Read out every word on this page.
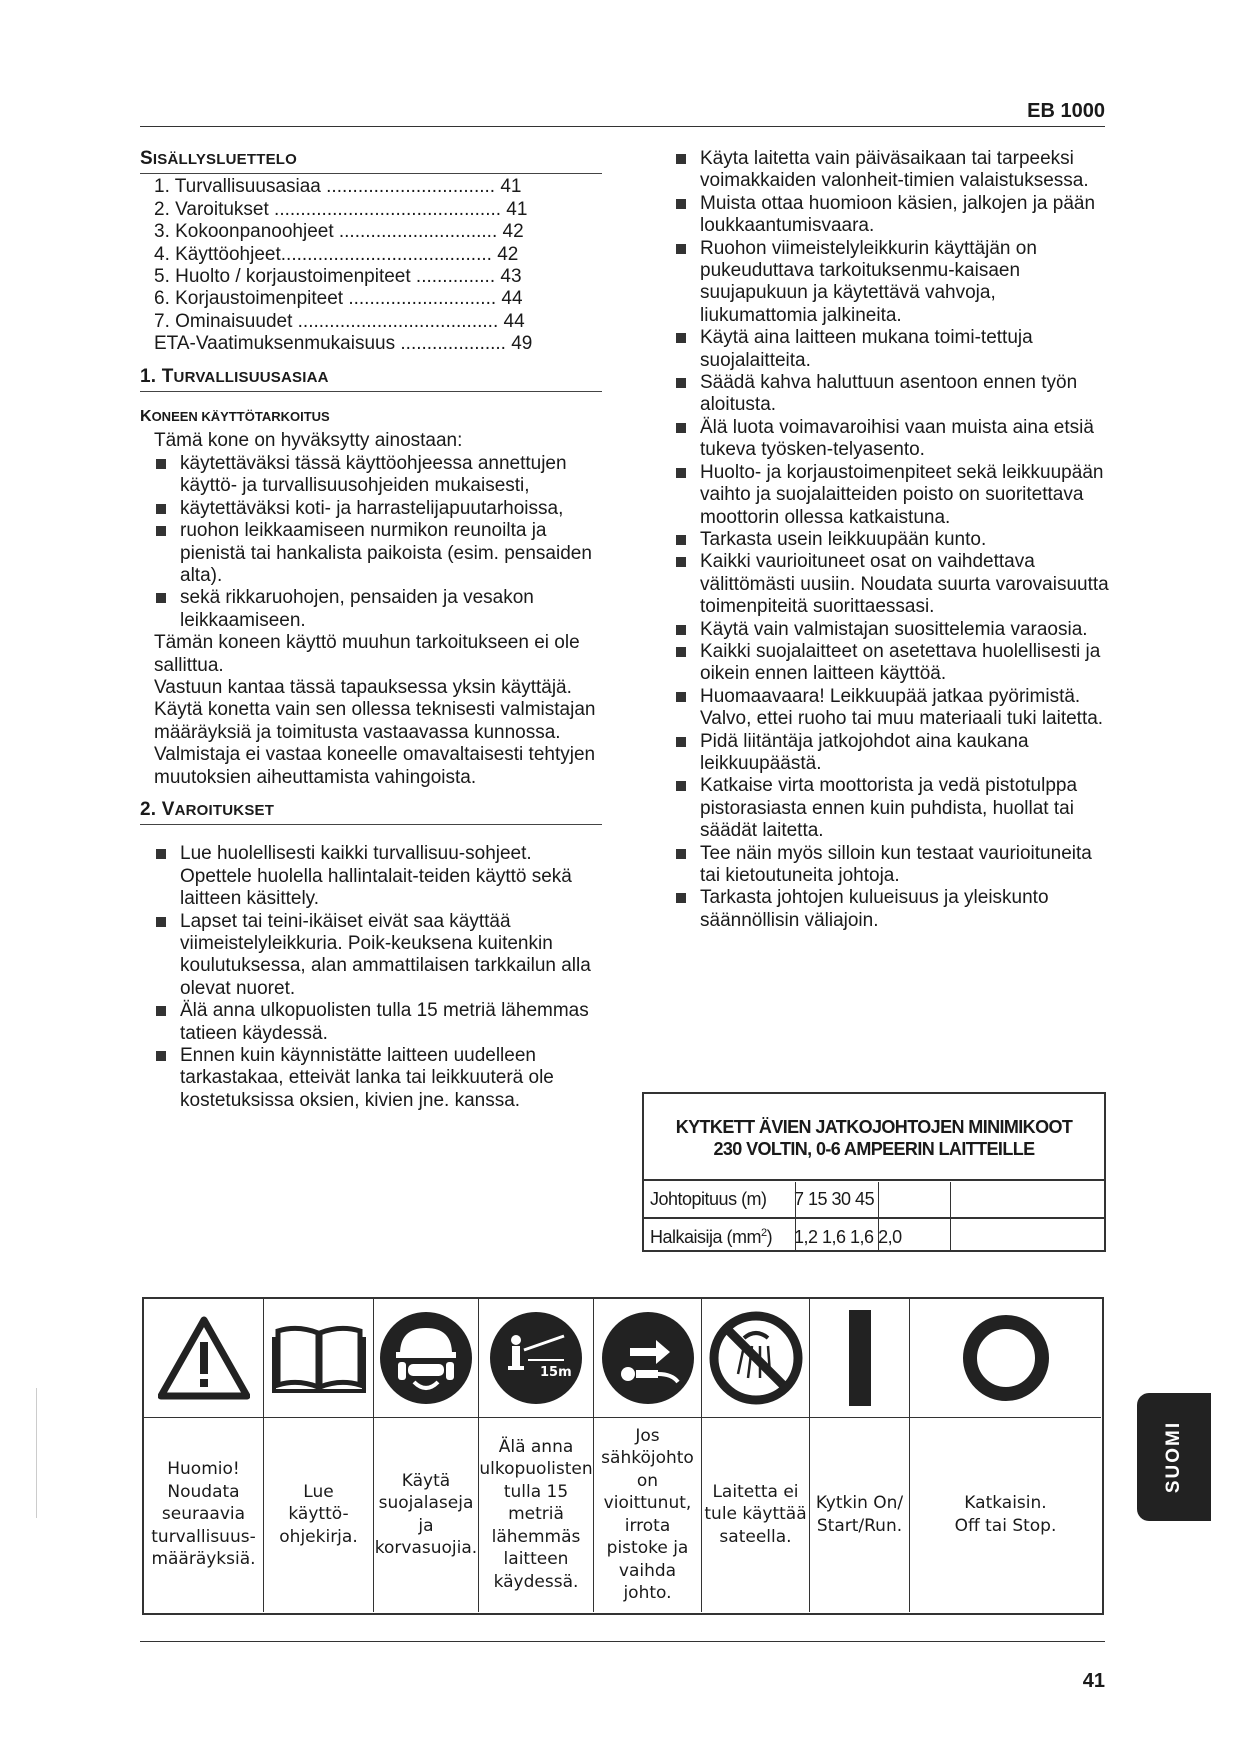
EB 1000
SISÄLLYSLUETTELO
1. Turvallisuusasiaa ................................ 41
2. Varoitukset ........................................... 41
3. Kokoonpanoohjeet .............................. 42
4. Käyttöohjeet........................................ 42
5. Huolto / korjaustoimenpiteet ............... 43
6. Korjaustoimenpiteet ............................ 44
7. Ominaisuudet ...................................... 44
ETA-Vaatimuksenmukaisuus .................... 49
1. TURVALLISUUSASIAA
KONEEN KÄYTTÖTARKOITUS
Tämä kone on hyväksytty ainostaan:
käytettäväksi tässä käyttöohjeessa annettujen käyttö- ja turvallisuusohjeiden mukaisesti,
käytettäväksi koti- ja harrastelijapuutarhoissa,
ruohon leikkaamiseen nurmikon reunoilta ja pienistä tai hankalista paikoista (esim. pensaiden alta).
sekä rikkaruohojen, pensaiden ja vesakon leikkaamiseen.
Tämän koneen käyttö muuhun tarkoitukseen ei ole sallittua.
Vastuun kantaa tässä tapauksessa yksin käyttäjä.
Käytä konetta vain sen ollessa teknisesti valmistajan määräyksiä ja toimitusta vastaavassa kunnossa.
Valmistaja ei vastaa koneelle omavaltaisesti tehtyjen muutoksien aiheuttamista vahingoista.
2. VAROITUKSET
Lue huolellisesti kaikki turvallisuu-sohjeet. Opettele huolella hallintalait-teiden käyttö sekä laitteen käsittely.
Lapset tai teini-ikäiset eivät saa käyttää viimeistelyleikkuria. Poik-keuksena kuitenkin koulutuksessa, alan ammattilaisen tarkkailun alla olevat nuoret.
Älä anna ulkopuolisten tulla 15 metriä lähemmas tatieen käydessä.
Ennen kuin käynnistätte laitteen uudelleen tarkastakaa, etteivät lanka tai leikkuuterä ole kostetuksissa oksien, kivien jne. kanssa.
Käyta laitetta vain päiväsaikaan tai tarpeeksi voimakkaiden valonheit-timien valaistuksessa.
Muista ottaa huomioon käsien, jalkojen ja pään loukkaantumisvaara.
Ruohon viimeistelyleikkurin käyttäjän on pukeuduttava tarkoituksenmu-kaisaen suujapukuun ja käytettävä vahvoja, liukumattomia jalkineita.
Käytä aina laitteen mukana toimi-tettuja suojalaitteita.
Säädä kahva haluttuun asentoon ennen työn aloitusta.
Älä luota voimavaroihisi vaan muista aina etsiä tukeva työsken-telyasento.
Huolto- ja korjaustoimenpiteet sekä leikkuupään vaihto ja suojalaitteiden poisto on suoritettava moottorin ollessa katkaistuna.
Tarkasta usein leikkuupään kunto.
Kaikki vaurioituneet osat on vaihdettava välittömästi uusiin. Noudata suurta varovaisuutta toimenpiteitä suorittaessasi.
Käytä vain valmistajan suosittelemia varaosia.
Kaikki suojalaitteet on asetettava huolellisesti ja oikein ennen laitteen käyttöä.
Huomaavaara! Leikkuupää jatkaa pyörimistä. Valvo, ettei ruoho tai muu materiaali tuki laitetta.
Pidä liitäntäja jatkojohdot aina kaukana leikkuupäästä.
Katkaise virta moottorista ja vedä pistotulppa pistorasiasta ennen kuin puhdista, huollat tai säädät laitetta.
Tee näin myös silloin kun testaat vaurioituneita tai kietoutuneita johtoja.
Tarkasta johtojen kulueisuus ja yleiskunto säännöllisin väliajoin.
KYTKETT ÄVIEN JATKOJOHTOJEN MINIMIKOOT
230 VOLTIN, 0-6 AMPEERIN LAITTEILLE
Johtopituus (m) 7 15 30 45
Halkaisija $(mm^2)$ 1,2 1,6 1,6 2,0
Huomio!
Noudata
seuraavia
turvallisuus-
määräyksiä.
Lue
käyttö-
ohjekirja.
Käytä
suojalaseja
ja
korvasuojia.
15m
Älä anna
ulkopuolisten
tulla 15
metriä
lähemmäs
laitteen
käydessä.
Jos
sähköjohto
on
vioittunut,
irrota
pistoke ja
vaihda johto.
Laitetta ei
tule käyttää
sateella.
Kytkin On/
Start/Run.
Katkaisin.
Off tai Stop.
SUOMI
41
